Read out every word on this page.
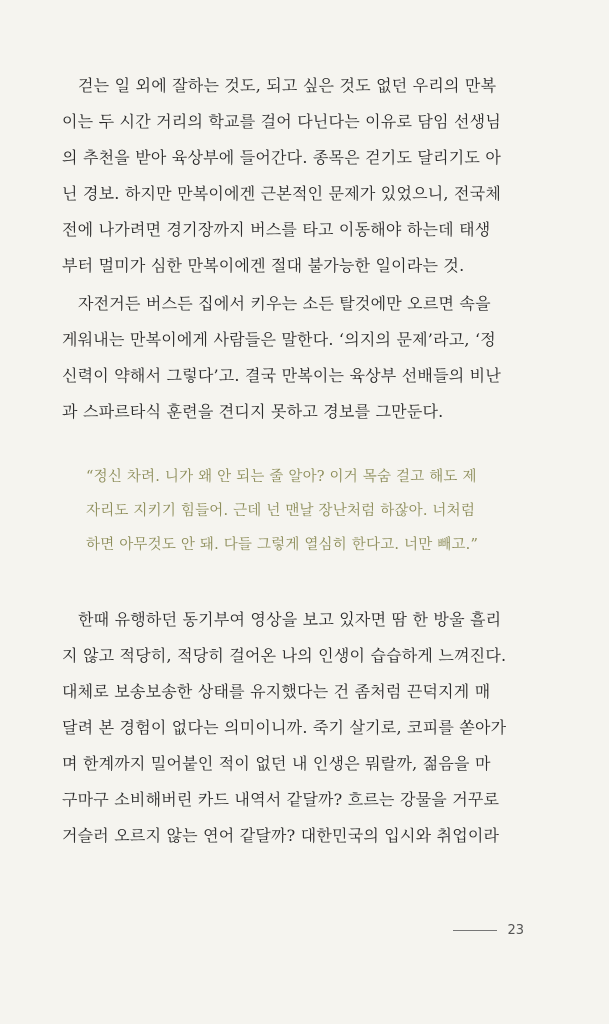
걷는 일 외에 잘하는 것도, 되고 싶은 것도 없던 우리의 만복
이는 두 시간 거리의 학교를 걸어 다닌다는 이유로 담임 선생님
의 추천을 받아 육상부에 들어간다. 종목은 걷기도 달리기도 아
닌 경보. 하지만 만복이에겐 근본적인 문제가 있었으니, 전국체
전에 나가려면 경기장까지 버스를 타고 이동해야 하는데 태생
부터 멀미가 심한 만복이에겐 절대 불가능한 일이라는 것.

자전거든 버스든 집에서 키우는 소든 탈것에만 오르면 속을
게워내는 만복이에게 사람들은 말한다. ‘의지의 문제’라고, ‘정
신력이 약해서 그렇다’고. 결국 만복이는 육상부 선배들의 비난
과 스파르타식 훈련을 견디지 못하고 경보를 그만둔다.

“정신 차려. 니가 왜 안 되는 줄 알아? 이거 목숨 걸고 해도 제
자리도 지키기 힘들어. 근데 넌 맨날 장난처럼 하잖아. 너처럼
하면 아무것도 안 돼. 다들 그렇게 열심히 한다고. 너만 빼고.”

한때 유행하던 동기부여 영상을 보고 있자면 땀 한 방울 흘리
지 않고 적당히, 적당히 걸어온 나의 인생이 습습하게 느껴진다.
대체로 보송보송한 상태를 유지했다는 건 좀처럼 끈덕지게 매
달려 본 경험이 없다는 의미이니까. 죽기 살기로, 코피를 쏟아가
며 한계까지 밀어붙인 적이 없던 내 인생은 뭐랄까, 젊음을 마
구마구 소비해버린 카드 내역서 같달까? 흐르는 강물을 거꾸로
거슬러 오르지 않는 연어 같달까? 대한민국의 입시와 취업이라

23
